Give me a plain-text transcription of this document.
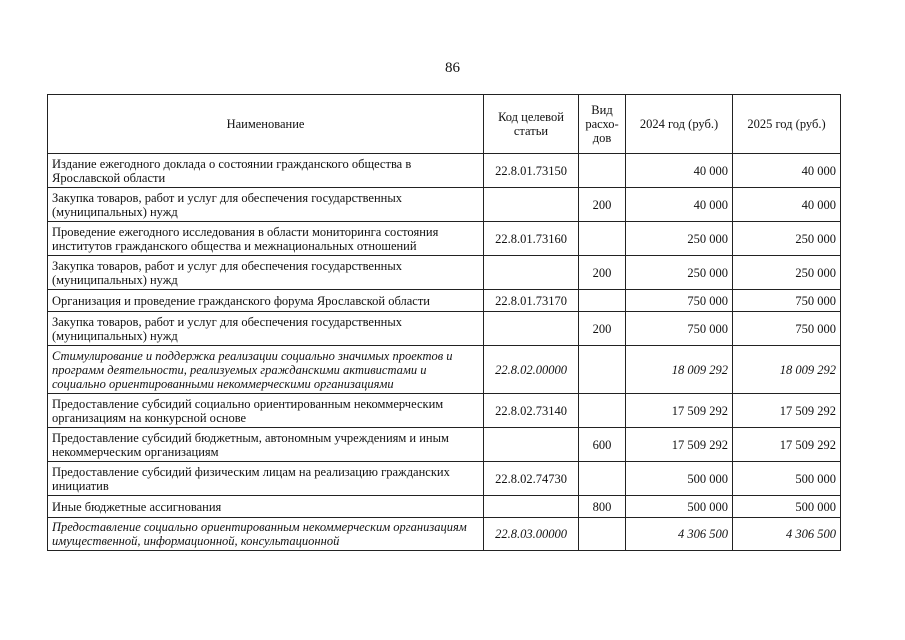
86
Наименование	Код целевой статьи	Вид расхо-дов	2024 год (руб.)	2025 год (руб.)
Издание ежегодного доклада о состоянии гражданского общества в Ярославской области	22.8.01.73150		40 000	40 000
Закупка товаров, работ и услуг для обеспечения государственных (муниципальных) нужд		200	40 000	40 000
Проведение ежегодного исследования в области мониторинга состояния институтов гражданского общества и межнациональных отношений	22.8.01.73160		250 000	250 000
Закупка товаров, работ и услуг для обеспечения государственных (муниципальных) нужд		200	250 000	250 000
Организация и проведение гражданского форума Ярославской области	22.8.01.73170		750 000	750 000
Закупка товаров, работ и услуг для обеспечения государственных (муниципальных) нужд		200	750 000	750 000
Стимулирование и поддержка реализации социально значимых проектов и программ деятельности, реализуемых гражданскими активистами и социально ориентированными некоммерческими организациями	22.8.02.00000		18 009 292	18 009 292
Предоставление субсидий социально ориентированным некоммерческим организациям на конкурсной основе	22.8.02.73140		17 509 292	17 509 292
Предоставление субсидий бюджетным, автономным учреждениям и иным некоммерческим организациям		600	17 509 292	17 509 292
Предоставление субсидий физическим лицам на реализацию гражданских инициатив	22.8.02.74730		500 000	500 000
Иные бюджетные ассигнования		800	500 000	500 000

Предоставление социально ориентированным некоммерческим организациям имущественной, информационной, консультационной	22.8.03.00000		4 306 500	4 306 500
